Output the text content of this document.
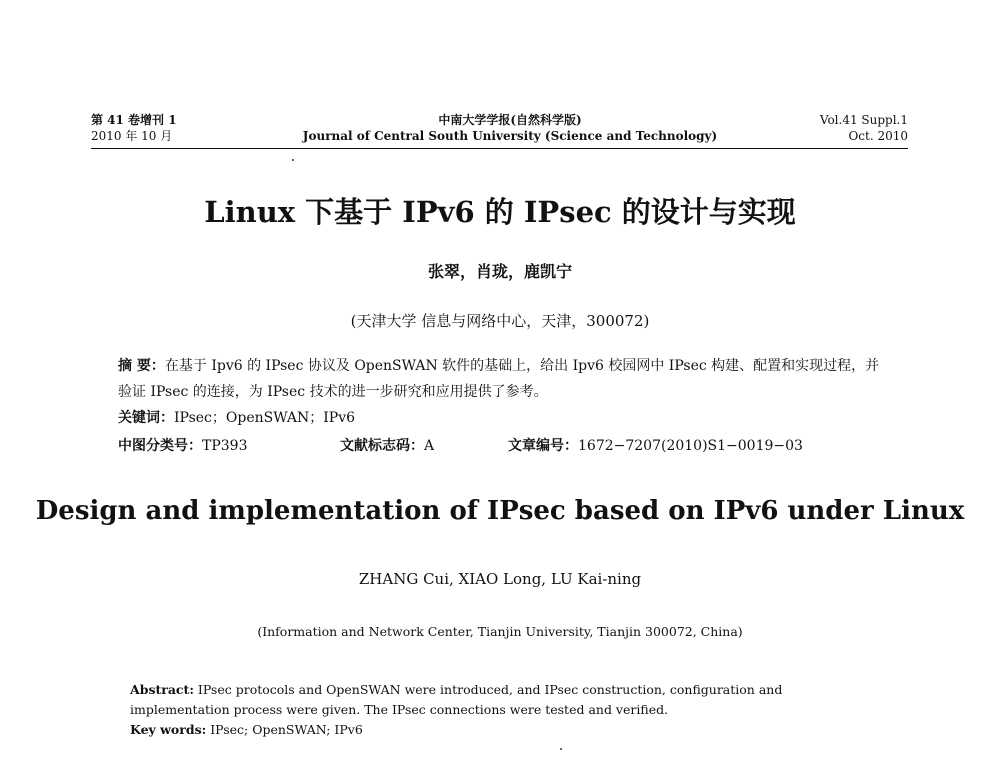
第 41 卷增刊 1
2010 年 10 月
中南大学学报(自然科学版)
Journal of Central South University (Science and Technology)
Vol.41 Suppl.1
Oct. 2010
Linux 下基于 IPv6 的 IPsec 的设计与实现
张翠，肖珑，鹿凯宁
(天津大学 信息与网络中心，天津，300072)
摘 要：在基于 Ipv6 的 IPsec 协议及 OpenSWAN 软件的基础上，给出 Ipv6 校园网中 IPsec 构建、配置和实现过程，并验证 IPsec 的连接，为 IPsec 技术的进一步研究和应用提供了参考。
关键词：IPsec；OpenSWAN；IPv6
中图分类号：TP393	文献标志码：A	文章编号：1672−7207(2010)S1−0019−03
Design and implementation of IPsec based on IPv6 under Linux
ZHANG Cui, XIAO Long, LU Kai-ning
(Information and Network Center, Tianjin University, Tianjin 300072, China)
Abstract: IPsec protocols and OpenSWAN were introduced, and IPsec construction, configuration and implementation process were given. The IPsec connections were tested and verified.
Key words: IPsec; OpenSWAN; IPv6
